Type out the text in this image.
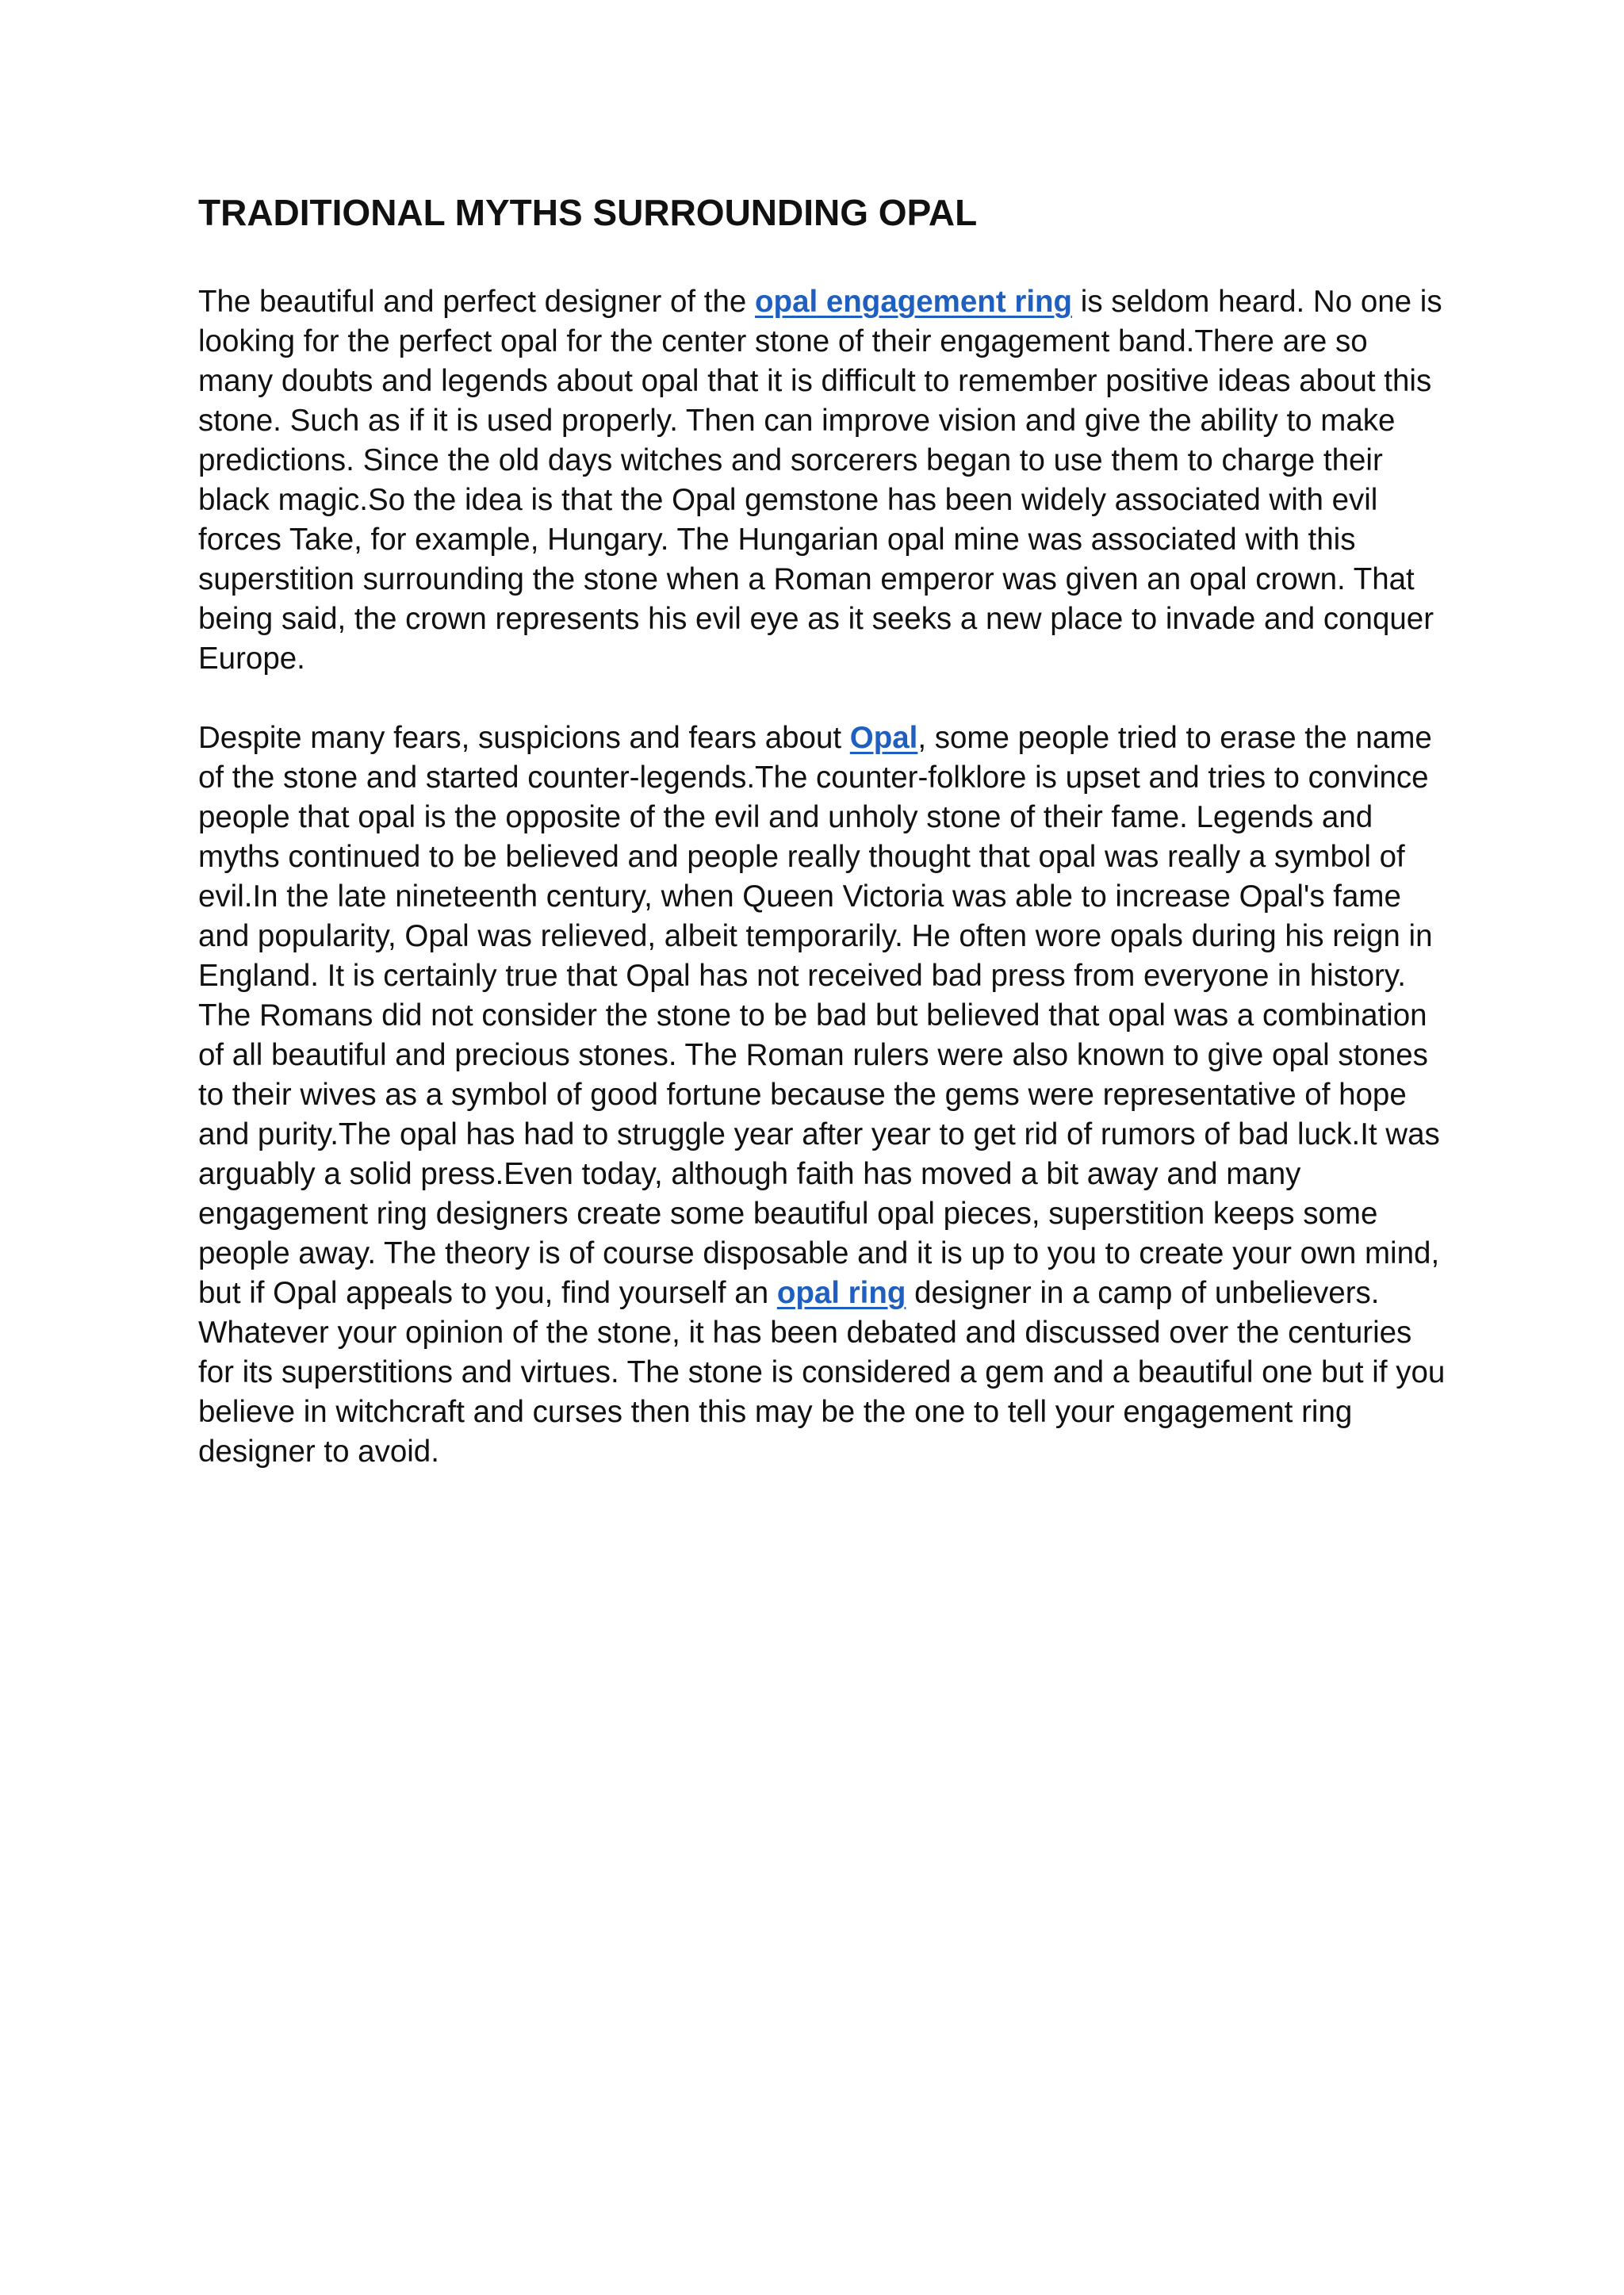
TRADITIONAL MYTHS SURROUNDING OPAL

The beautiful and perfect designer of the opal engagement ring is seldom heard. No one is looking for the perfect opal for the center stone of their engagement band.There are so many doubts and legends about opal that it is difficult to remember positive ideas about this stone. Such as if it is used properly. Then can improve vision and give the ability to make predictions. Since the old days witches and sorcerers began to use them to charge their black magic.So the idea is that the Opal gemstone has been widely associated with evil forces Take, for example, Hungary. The Hungarian opal mine was associated with this superstition surrounding the stone when a Roman emperor was given an opal crown. That being said, the crown represents his evil eye as it seeks a new place to invade and conquer Europe.

Despite many fears, suspicions and fears about Opal, some people tried to erase the name of the stone and started counter-legends.The counter-folklore is upset and tries to convince people that opal is the opposite of the evil and unholy stone of their fame. Legends and myths continued to be believed and people really thought that opal was really a symbol of evil.In the late nineteenth century, when Queen Victoria was able to increase Opal's fame and popularity, Opal was relieved, albeit temporarily. He often wore opals during his reign in England. It is certainly true that Opal has not received bad press from everyone in history. The Romans did not consider the stone to be bad but believed that opal was a combination of all beautiful and precious stones. The Roman rulers were also known to give opal stones to their wives as a symbol of good fortune because the gems were representative of hope and purity.The opal has had to struggle year after year to get rid of rumors of bad luck.It was arguably a solid press.Even today, although faith has moved a bit away and many engagement ring designers create some beautiful opal pieces, superstition keeps some people away. The theory is of course disposable and it is up to you to create your own mind, but if Opal appeals to you, find yourself an opal ring designer in a camp of unbelievers. Whatever your opinion of the stone, it has been debated and discussed over the centuries for its superstitions and virtues. The stone is considered a gem and a beautiful one but if you believe in witchcraft and curses then this may be the one to tell your engagement ring designer to avoid.
